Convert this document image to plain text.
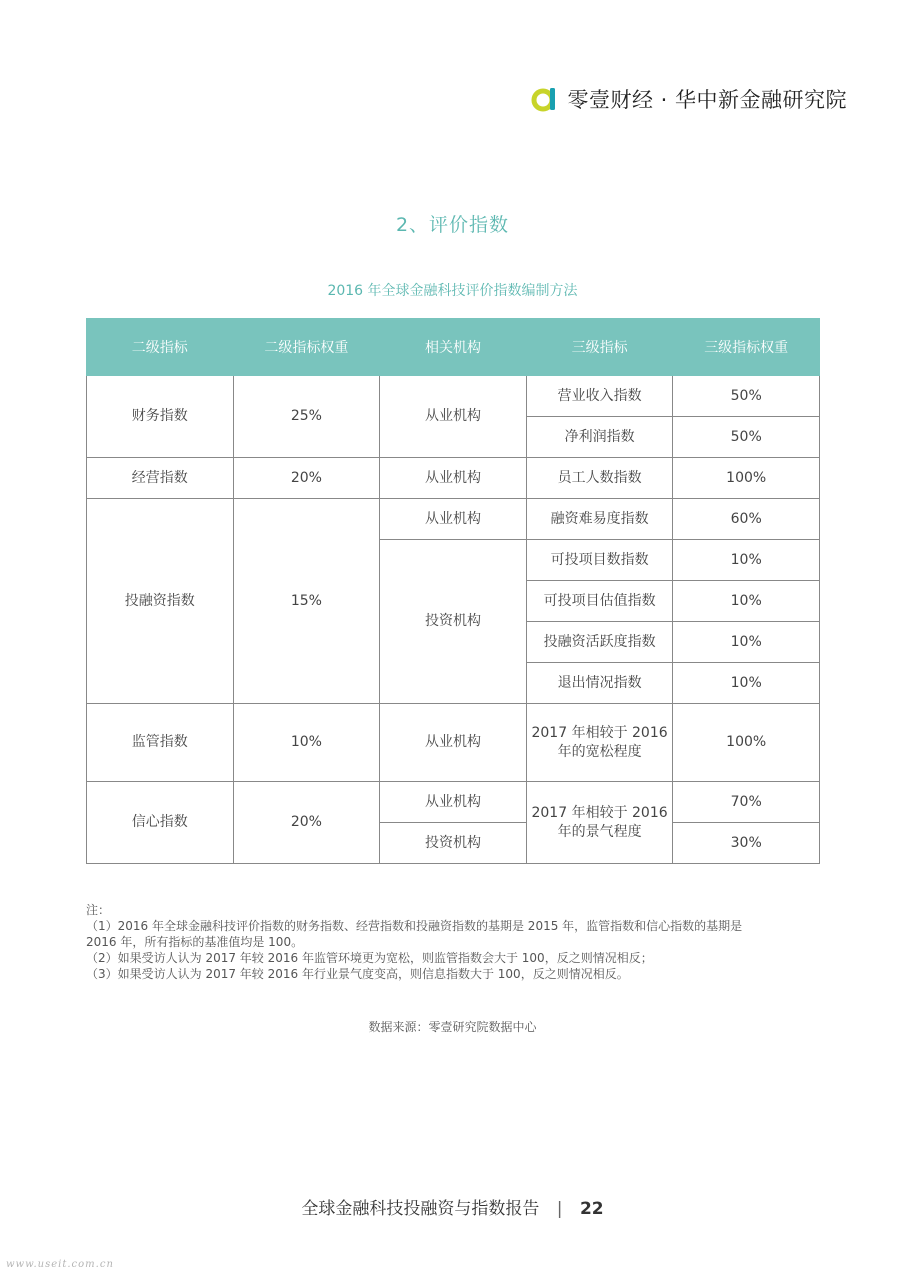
零壹财经 · 华中新金融研究院
2、评价指数
2016 年全球金融科技评价指数编制方法
二级指标	二级指标权重	相关机构	三级指标	三级指标权重
财务指数	25%	从业机构	营业收入指数	50%
			净利润指数	50%
经营指数	20%	从业机构	员工人数指数	100%
投融资指数	15%	从业机构	融资难易度指数	60%
		投资机构	可投项目数指数	10%
			可投项目估值指数	10%
			投融资活跃度指数	10%
			退出情况指数	10%
监管指数	10%	从业机构	2017 年相较于 2016 年的宽松程度	100%
信心指数	20%	从业机构	2017 年相较于 2016 年的景气程度	70%
		投资机构		30%
注：
（1）2016 年全球金融科技评价指数的财务指数、经营指数和投融资指数的基期是 2015 年，监管指数和信心指数的基期是
2016 年，所有指标的基准值均是 100。
（2）如果受访人认为 2017 年较 2016 年监管环境更为宽松，则监管指数会大于 100，反之则情况相反；
（3）如果受访人认为 2017 年较 2016 年行业景气度变高，则信息指数大于 100，反之则情况相反。
数据来源：零壹研究院数据中心
全球金融科技投融资与指数报告 | 22
www.useit.com.cn
